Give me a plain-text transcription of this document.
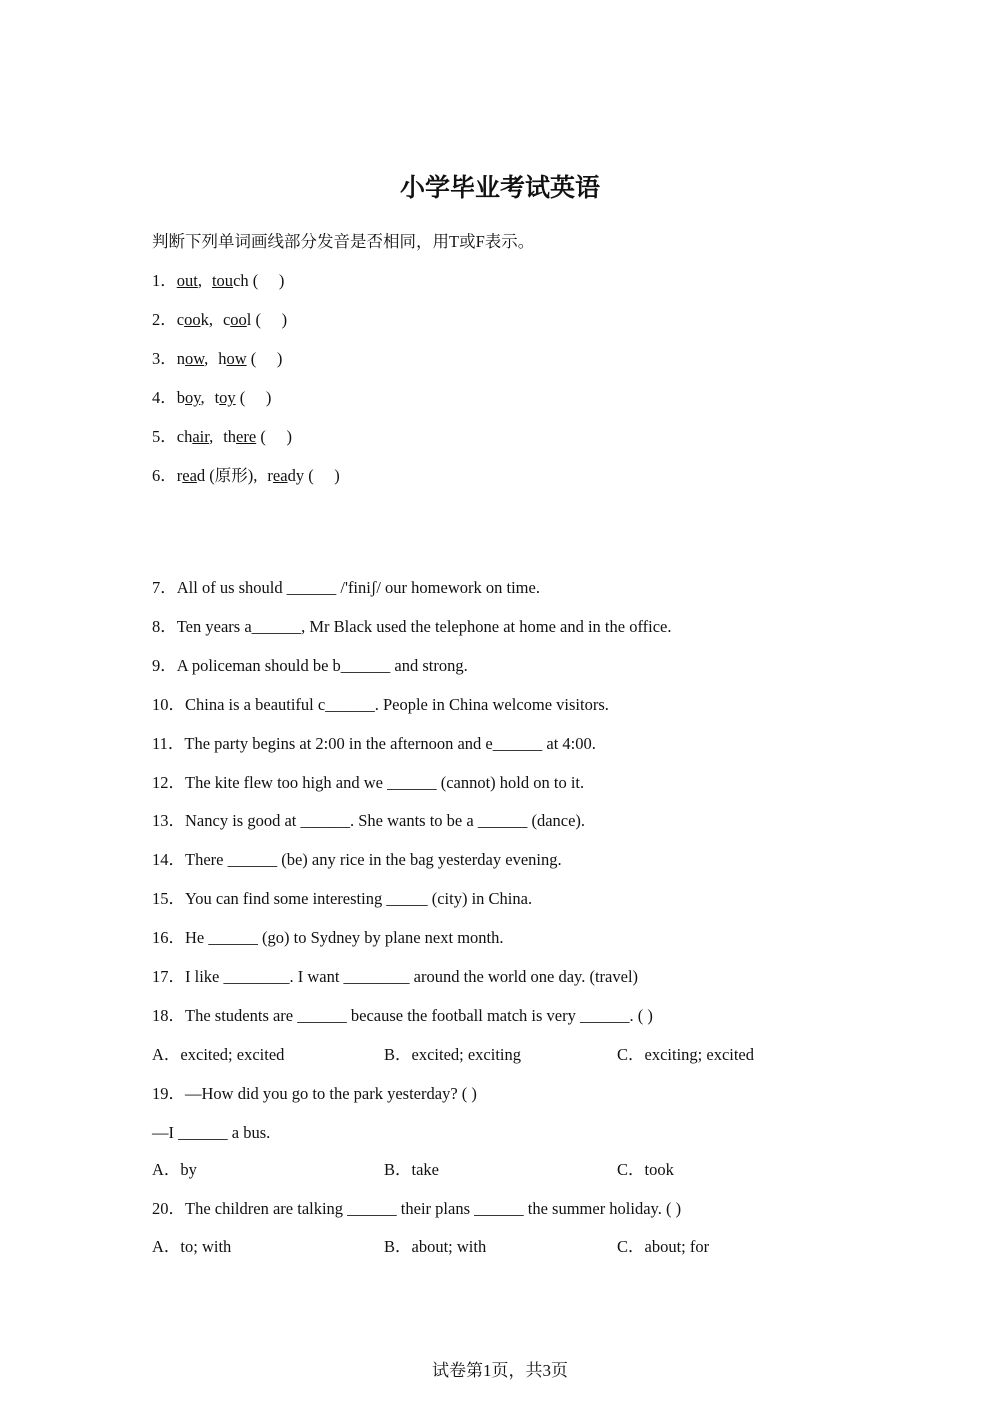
小学毕业考试英语
判断下列单词画线部分发音是否相同，用T或F表示。
1．out, touch (     )
2．cook, cool (     )
3．now, how (     )
4．boy, toy (     )
5．chair, there (     )
6．read (原形), ready (     )
7．All of us should ______ /'finiʃ/ our homework on time.
8．Ten years a______, Mr Black used the telephone at home and in the office.
9．A policeman should be b______ and strong.
10．China is a beautiful c______. People in China welcome visitors.
11．The party begins at 2:00 in the afternoon and e______ at 4:00.
12．The kite flew too high and we ______ (cannot) hold on to it.
13．Nancy is good at ______. She wants to be a ______ (dance).
14．There ______ (be) any rice in the bag yesterday evening.
15．You can find some interesting _____ (city) in China.
16．He ______ (go) to Sydney by plane next month.
17．I like ________. I want ________ around the world one day. (travel)
18．The students are ______ because the football match is very ______. ( )
A．excited; excited	B．excited; exciting	C．exciting; excited
19．—How did you go to the park yesterday? ( )
—I ______ a bus.
A．by	B．take	C．took
20．The children are talking ______ their plans ______ the summer holiday. ( )
A．to; with	B．about; with	C．about; for
试卷第1页，共3页
